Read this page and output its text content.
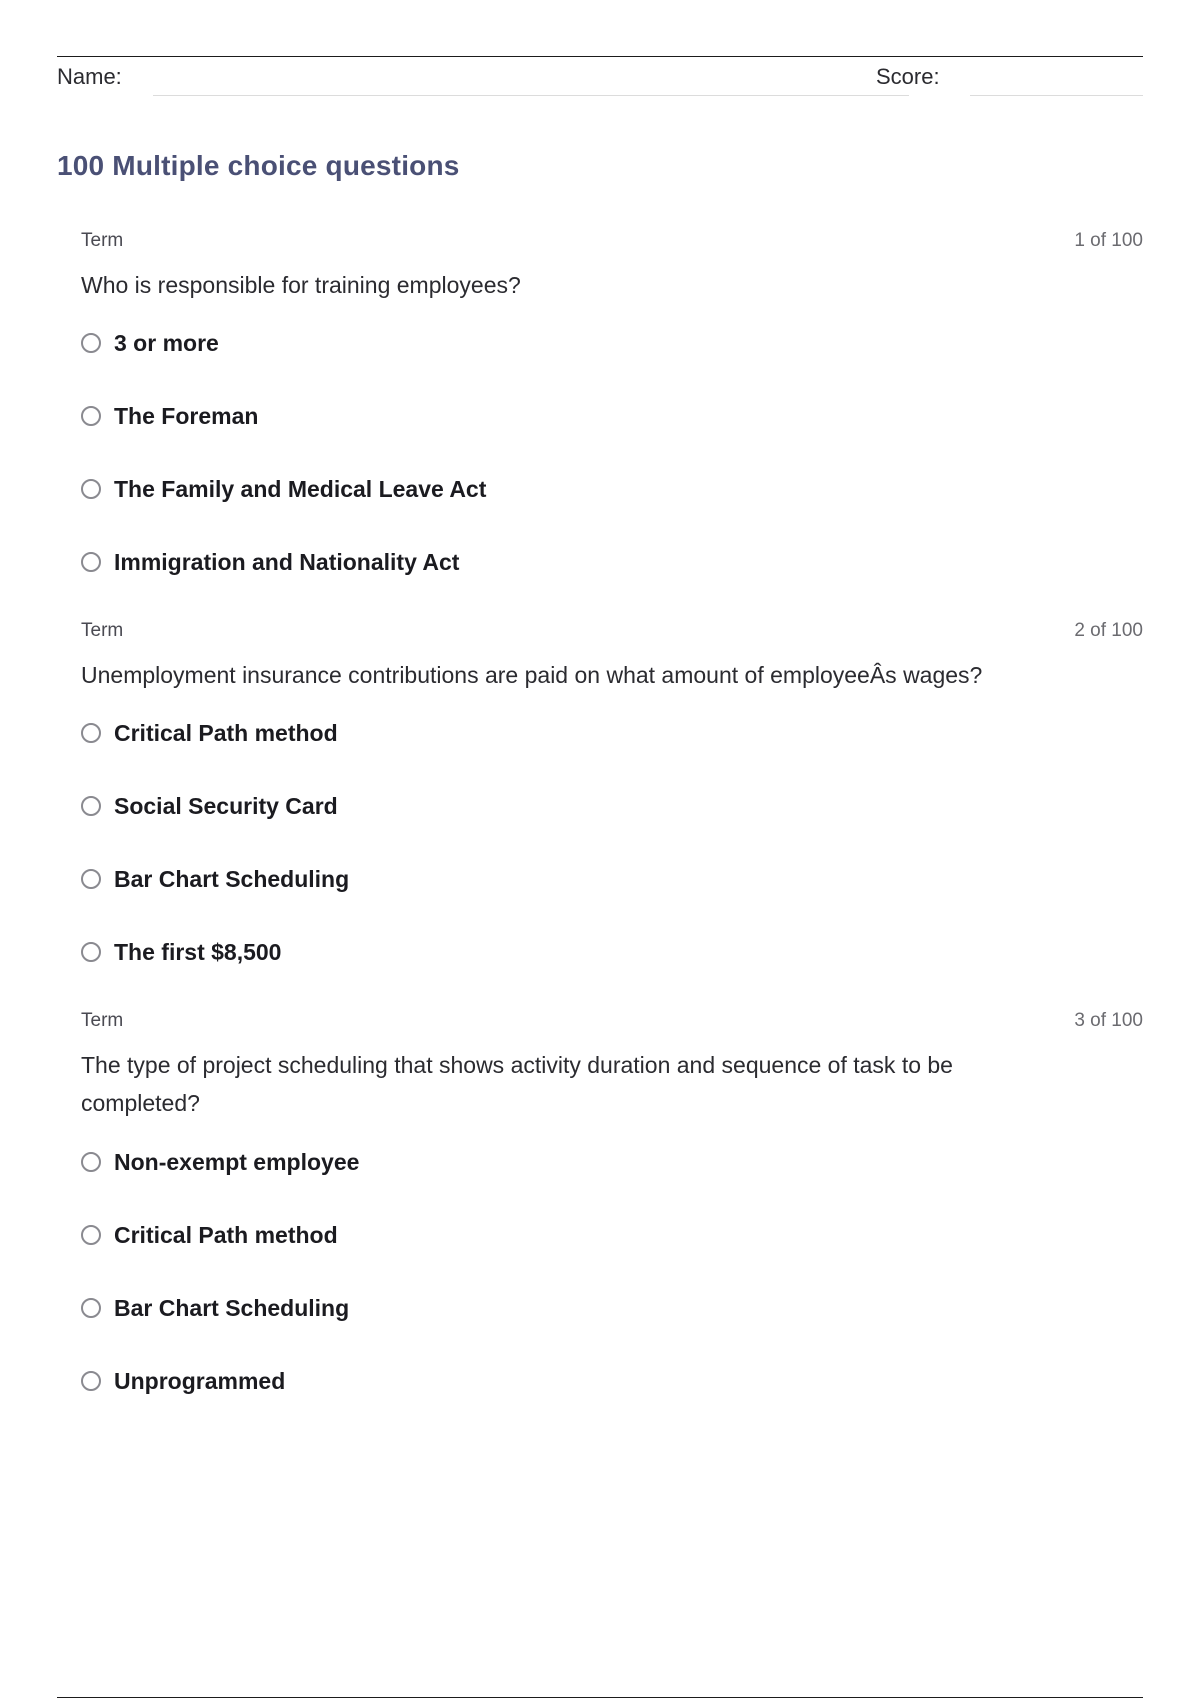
Name:	Score:
100 Multiple choice questions
Term	1 of 100
Who is responsible for training employees?
3 or more
The Foreman
The Family and Medical Leave Act
Immigration and Nationality Act
Term	2 of 100
Unemployment insurance contributions are paid on what amount of employeeÂs wages?
Critical Path method
Social Security Card
Bar Chart Scheduling
The first $8,500
Term	3 of 100
The type of project scheduling that shows activity duration and sequence of task to be completed?
Non-exempt employee
Critical Path method
Bar Chart Scheduling
Unprogrammed
